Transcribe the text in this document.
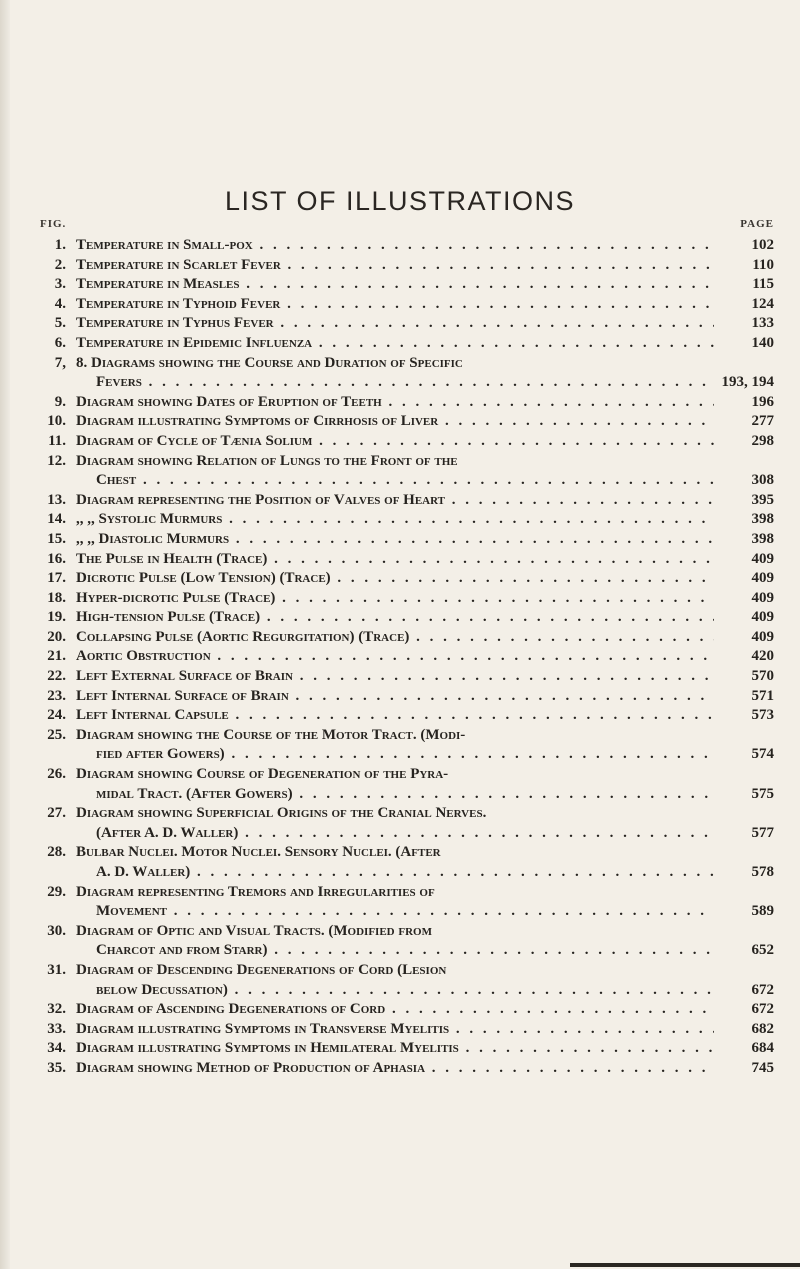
LIST OF ILLUSTRATIONS
FIG.	PAGE
1. Temperature in Small-pox . . .	102
2. Temperature in Scarlet Fever . . .	110
3. Temperature in Measles . . .	115
4. Temperature in Typhoid Fever . . .	124
5. Temperature in Typhus Fever . . .	133
6. Temperature in Epidemic Influenza . . .	140
7, 8. Diagrams showing the Course and Duration of Specific
Fevers . . .	193, 194
9. Diagram showing Dates of Eruption of Teeth . . .	196
10. Diagram illustrating Symptoms of Cirrhosis of Liver . . .	277
11. Diagram of Cycle of Tænia Solium . . .	298
12. Diagram showing Relation of Lungs to the Front of the
Chest . . .	308
13. Diagram representing the Position of Valves of Heart . . .	395
14. ,, ,, Systolic Murmurs . . .	398
15. ,, ,, Diastolic Murmurs . . .	398
16. The Pulse in Health (Trace) . . .	409
17. Dicrotic Pulse (Low Tension) (Trace) . . .	409
18. Hyper-dicrotic Pulse (Trace) . . .	409
19. High-tension Pulse (Trace) . . .	409
20. Collapsing Pulse (Aortic Regurgitation) (Trace) . . .	409
21. Aortic Obstruction . . .	420
22. Left External Surface of Brain . . .	570
23. Left Internal Surface of Brain . . .	571
24. Left Internal Capsule . . .	573
25. Diagram showing the Course of the Motor Tract. (Modi-
fied after Gowers) . . .	574
26. Diagram showing Course of Degeneration of the Pyra-
midal Tract. (After Gowers) . . .	575
27. Diagram showing Superficial Origins of the Cranial Nerves.
(After A. D. Waller) . . .	577
28. Bulbar Nuclei. Motor Nuclei. Sensory Nuclei. (After
A. D. Waller) . . .	578
29. Diagram representing Tremors and Irregularities of
Movement . . .	589
30. Diagram of Optic and Visual Tracts. (Modified from
Charcot and from Starr) . . .	652
31. Diagram of Descending Degenerations of Cord (Lesion
below Decussation) . . .	672
32. Diagram of Ascending Degenerations of Cord . . .	672
33. Diagram illustrating Symptoms in Transverse Myelitis . . .	682
34. Diagram illustrating Symptoms in Hemilateral Myelitis . . .	684
35. Diagram showing Method of Production of Aphasia . . .	745
